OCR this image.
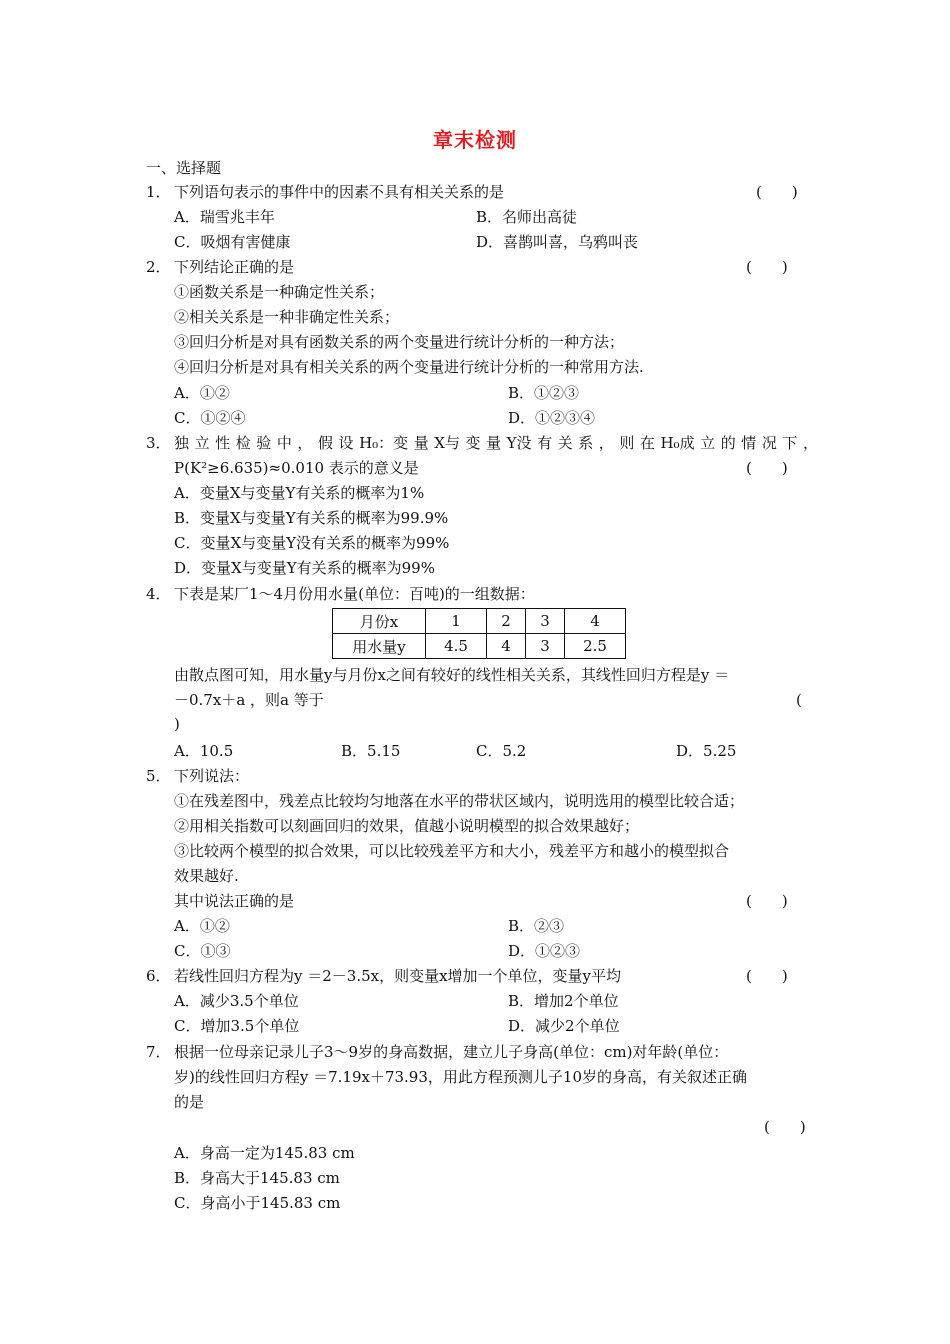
章末检测
一、选择题
1． 下列语句表示的事件中的因素不具有相关关系的是	(　　)
A．瑞雪兆丰年	B．名师出高徒
C．吸烟有害健康	D．喜鹊叫喜，乌鸦叫丧
2． 下列结论正确的是	(　　)
①函数关系是一种确定性关系；
②相关关系是一种非确定性关系；
③回归分析是对具有函数关系的两个变量进行统计分析的一种方法；
④回归分析是对具有相关关系的两个变量进行统计分析的一种常用方法.
A．①②	B．①②③
C．①②④	D．①②③④
3． 独 立 性 检 验 中 ， 假 设 H₀：变 量 X与 变 量 Y没 有 关 系 ， 则 在 H₀成 立 的 情 况 下 ，
P(K²≥6.635)≈0.010 表示的意义是	(　　)
A．变量X与变量Y有关系的概率为1%
B．变量X与变量Y有关系的概率为99.9%
C．变量X与变量Y没有关系的概率为99%
D．变量X与变量Y有关系的概率为99%
4． 下表是某厂1～4月份用水量(单位：百吨)的一组数据：
月份x	1	2	3	4
用水量y	4.5	4	3	2.5
由散点图可知，用水量y与月份x之间有较好的线性相关关系，其线性回归方程是y ＝
－0.7x＋a ，则a 等于	(
)
A．10.5	B．5.15	C．5.2	D．5.25
5． 下列说法：
①在残差图中，残差点比较均匀地落在水平的带状区域内，说明选用的模型比较合适；
②用相关指数可以刻画回归的效果，值越小说明模型的拟合效果越好；
③比较两个模型的拟合效果，可以比较残差平方和大小，残差平方和越小的模型拟合
效果越好.
其中说法正确的是	(　　)
A．①②	B．②③
C．①③	D．①②③
6． 若线性回归方程为y ＝2－3.5x，则变量x增加一个单位，变量y平均	(　　)
A．减少3.5个单位	B．增加2个单位
C．增加3.5个单位	D．减少2个单位
7． 根据一位母亲记录儿子3～9岁的身高数据，建立儿子身高(单位：cm)对年龄(单位：
岁)的线性回归方程y ＝7.19x＋73.93，用此方程预测儿子10岁的身高，有关叙述正确
的是
(　　)
A．身高一定为145.83 cm
B．身高大于145.83 cm
C．身高小于145.83 cm
